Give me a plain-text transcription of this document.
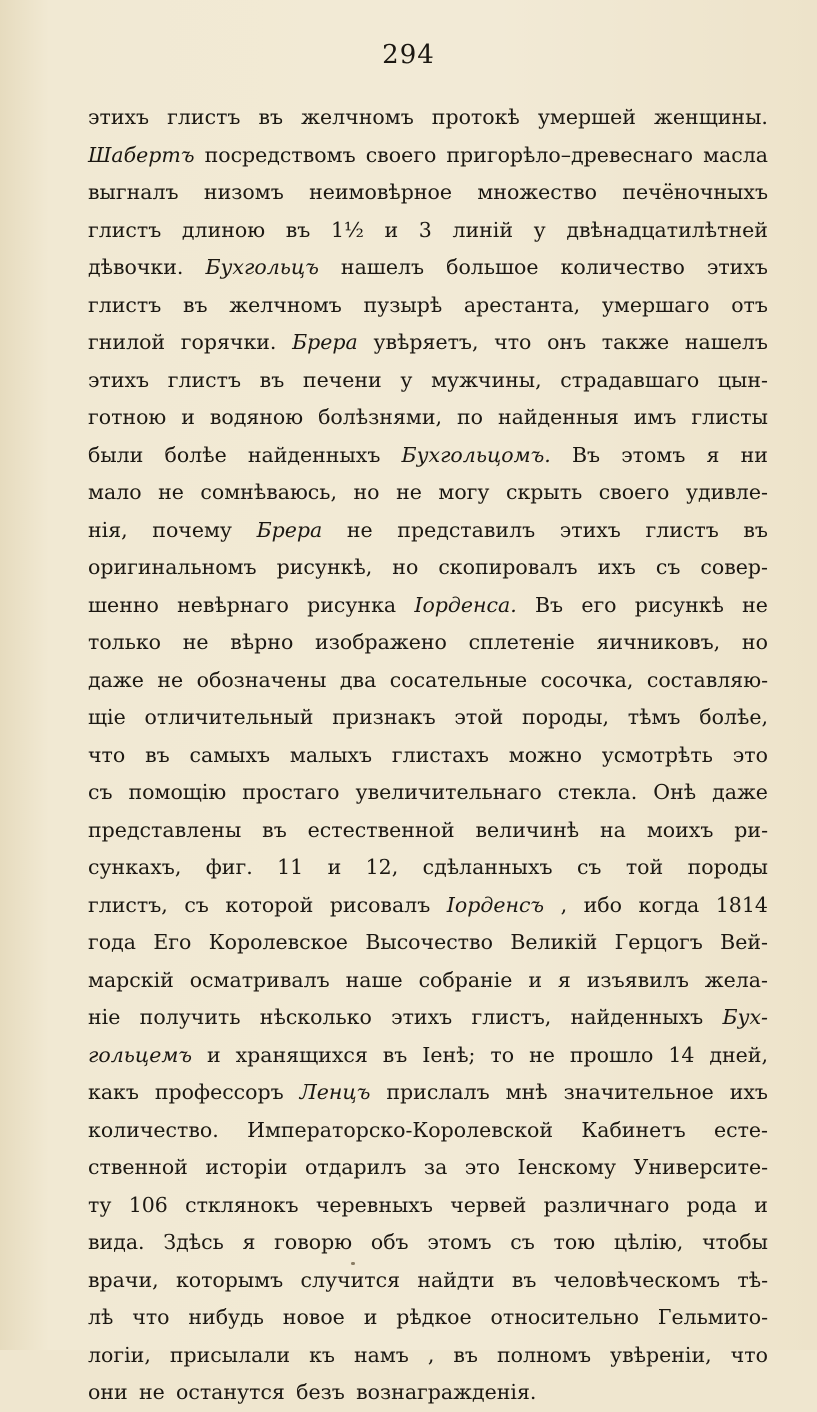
294
этихъ глистъ въ желчномъ протокѣ умершей женщины.
Шабертъ посредствомъ своего пригорѣло–древеснаго масла
выгналъ низомъ неимовѣрное множество печёночныхъ
глистъ длиною въ 1½ и 3 линій у двѣнадцатилѣтней
дѣвочки. Бухгольцъ нашелъ большое количество этихъ
глистъ въ желчномъ пузырѣ арестанта, умершаго отъ
гнилой горячки. Брера увѣряетъ, что онъ также нашелъ
этихъ глистъ въ печени у мужчины, страдавшаго цын-
готною и водяною болѣзнями, по найденныя имъ глисты
были болѣе найденныхъ Бухгольцомъ. Въ этомъ я ни
мало не сомнѣваюсь, но не могу скрыть своего удивле-
нія, почему Брера не представилъ этихъ глистъ въ
оригинальномъ рисункѣ, но скопировалъ ихъ съ совер-
шенно невѣрнаго рисунка Іорденса. Въ его рисункѣ не
только не вѣрно изображено сплетеніе яичниковъ, но
даже не обозначены два сосательные сосочка, составляю-
щіе отличительный признакъ этой породы, тѣмъ болѣе,
что въ самыхъ малыхъ глистахъ можно усмотрѣть это
съ помощію простаго увеличительнаго стекла. Онѣ даже
представлены въ естественной величинѣ на моихъ ри-
сункахъ, фиг. 11 и 12, сдѣланныхъ съ той породы
глистъ, съ которой рисовалъ Іорденсъ , ибо когда 1814
года Его Королевское Высочество Великій Герцогъ Вей-
марскій осматривалъ наше собраніе и я изъявилъ жела-
ніе получить нѣсколько этихъ глистъ, найденныхъ Бух-
гольцемъ и хранящихся въ Іенѣ; то не прошло 14 дней,
какъ профессоръ Ленцъ прислалъ мнѣ значительное ихъ
количество. Императорско-Королевской Кабинетъ есте-
ственной исторіи отдарилъ за это Іенскому Университе-
ту 106 стклянокъ черевныхъ червей различнаго рода и
вида. Здѣсь я говорю объ этомъ съ тою цѣлію, чтобы
врачи, которымъ случится найдти въ человѣческомъ тѣ-
лѣ что нибудь новое и рѣдкое относительно Гельмито-
логіи, присылали къ намъ , въ полномъ увѣреніи, что
они не останутся безъ вознагражденія.
